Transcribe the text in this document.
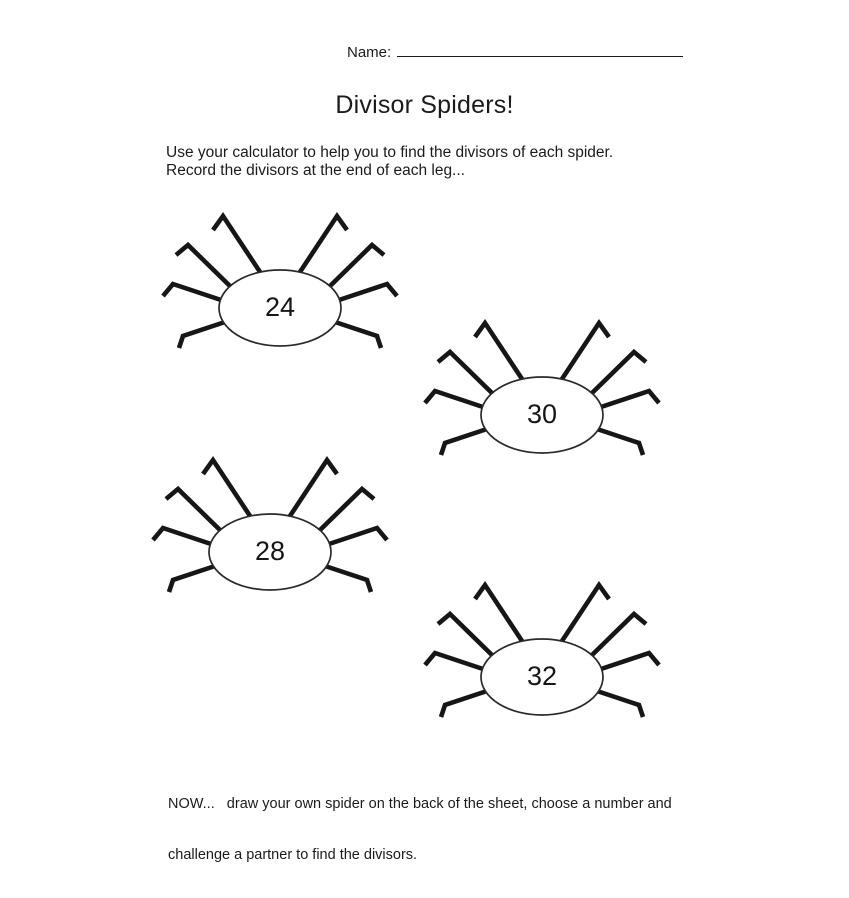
Name:
Divisor Spiders!
Use your calculator to help you to find the divisors of each spider.
Record the divisors at the end of each leg...
24
30
28
32

NOW...   draw your own spider on the back of the sheet, choose a number and

challenge a partner to find the divisors.
